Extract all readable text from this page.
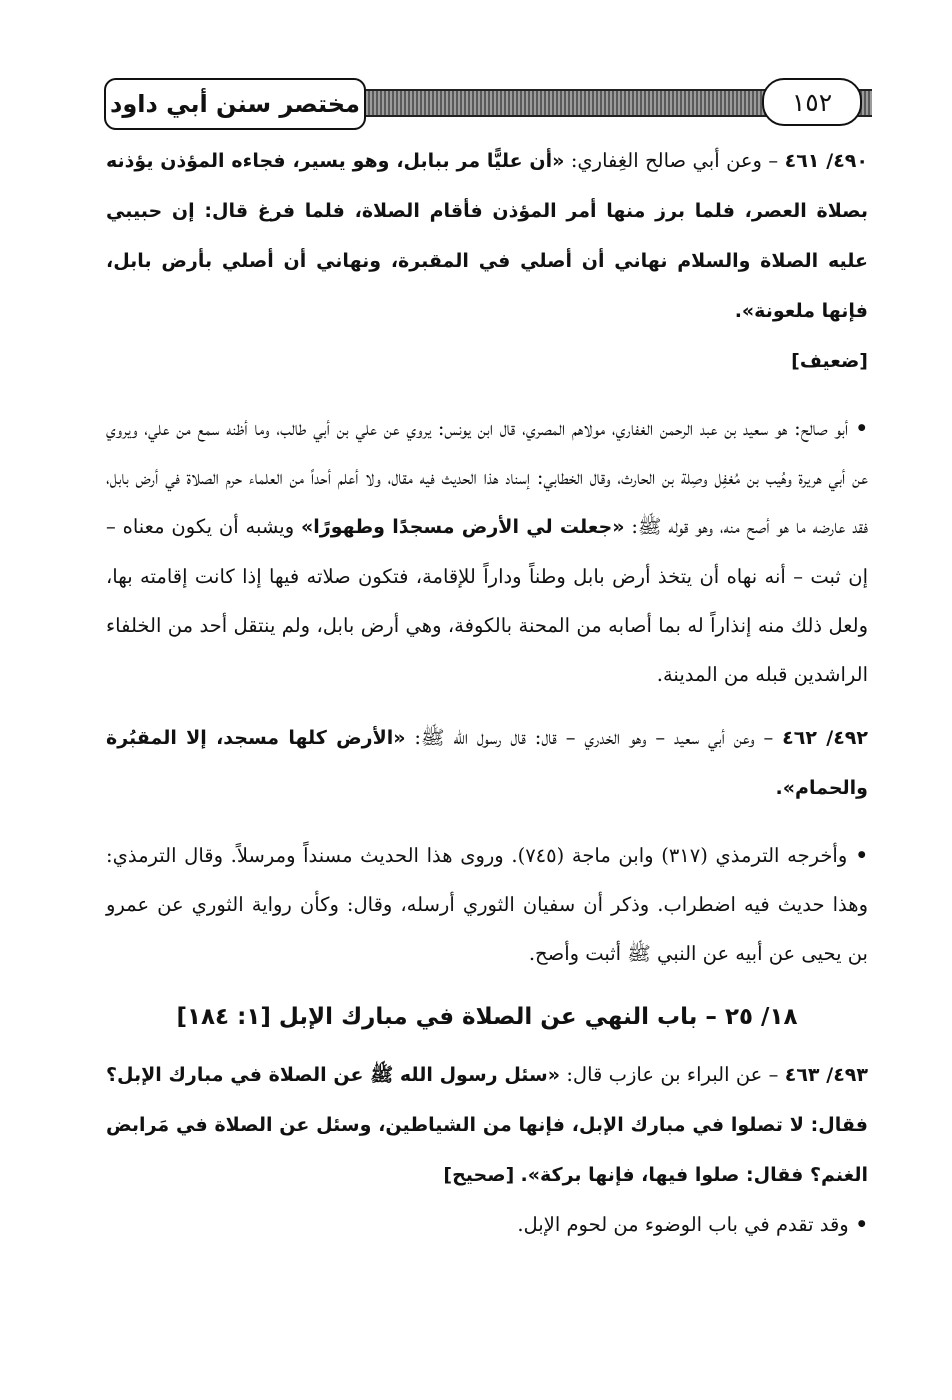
مختصر سنن أبي داود	١٥٢

٤٩٠/ ٤٦١ – وعن أبي صالح الغِفاري: «أن عليًّا مر ببابل، وهو يسير، فجاءه المؤذن يؤذنه بصلاة العصر، فلما برز منها أمر المؤذن فأقام الصلاة، فلما فرغ قال: إن حبيبي عليه الصلاة والسلام نهاني أن أصلي في المقبرة، ونهاني أن أصلي بأرض بابل، فإنها ملعونة».

[ضعيف]

• أبو صالح: هو سعيد بن عبد الرحمن الغفاري، مولاهم المصري، قال ابن يونس: يروي عن علي بن أبي طالب، وما أظنه سمع من علي، ويروي عن أبي هريرة وهُيب بن مُغفِل وصِلة بن الحارث، وقال الخطابي: إسناد هذا الحديث فيه مقال، ولا أعلم أحداً من العلماء حرم الصلاة في أرض بابل، فقد عارضه ما هو أصح منه، وهو قوله ﷺ: «جعلت لي الأرض مسجدًا وطهورًا» ويشبه أن يكون معناه – إن ثبت – أنه نهاه أن يتخذ أرض بابل وطناً وداراً للإقامة، فتكون صلاته فيها إذا كانت إقامته بها، ولعل ذلك منه إنذاراً له بما أصابه من المحنة بالكوفة، وهي أرض بابل، ولم ينتقل أحد من الخلفاء الراشدين قبله من المدينة.

٤٩٢/ ٤٦٢ – وعن أبي سعيد – وهو الخدري – قال: قال رسول الله ﷺ: «الأرض كلها مسجد، إلا المقبُرة والحمام».

• وأخرجه الترمذي (٣١٧) وابن ماجة (٧٤٥). وروى هذا الحديث مسنداً ومرسلاً. وقال الترمذي: وهذا حديث فيه اضطراب. وذكر أن سفيان الثوري أرسله، وقال: وكأن رواية الثوري عن عمرو بن يحيى عن أبيه عن النبي ﷺ أثبت وأصح.

١٨/ ٢٥ – باب النهي عن الصلاة في مبارك الإبل [١: ١٨٤]

٤٩٣/ ٤٦٣ – عن البراء بن عازب قال: «سئل رسول الله ﷺ عن الصلاة في مبارك الإبل؟ فقال: لا تصلوا في مبارك الإبل، فإنها من الشياطين، وسئل عن الصلاة في مَرابض الغنم؟ فقال: صلوا فيها، فإنها بركة». [صحيح]

• وقد تقدم في باب الوضوء من لحوم الإبل.
